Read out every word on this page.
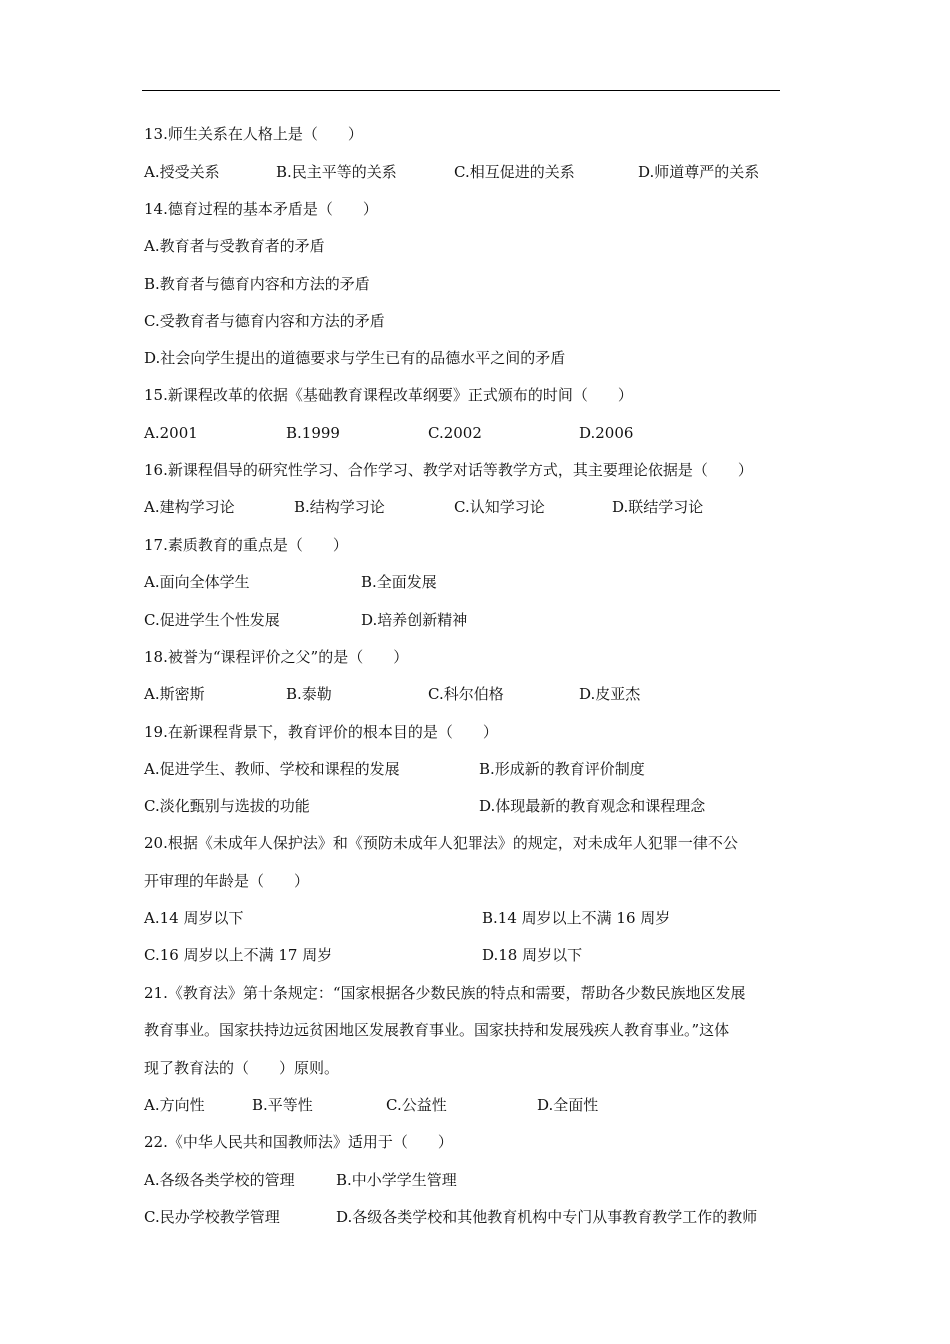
13.师生关系在人格上是（　　）
A.授受关系	B.民主平等的关系	C.相互促进的关系	D.师道尊严的关系
14.德育过程的基本矛盾是（　　）
A.教育者与受教育者的矛盾
B.教育者与德育内容和方法的矛盾
C.受教育者与德育内容和方法的矛盾
D.社会向学生提出的道德要求与学生已有的品德水平之间的矛盾
15.新课程改革的依据《基础教育课程改革纲要》正式颁布的时间（　　）
A.2001	B.1999	C.2002	D.2006
16.新课程倡导的研究性学习、合作学习、教学对话等教学方式，其主要理论依据是（　　）
A.建构学习论	B.结构学习论	C.认知学习论	D.联结学习论
17.素质教育的重点是（　　）
A.面向全体学生	B.全面发展
C.促进学生个性发展	D.培养创新精神
18.被誉为“课程评价之父”的是（　　）
A.斯密斯	B.泰勒	C.科尔伯格	D.皮亚杰
19.在新课程背景下，教育评价的根本目的是（　　）
A.促进学生、教师、学校和课程的发展	B.形成新的教育评价制度
C.淡化甄别与选拔的功能	D.体现最新的教育观念和课程理念
20.根据《未成年人保护法》和《预防未成年人犯罪法》的规定，对未成年人犯罪一律不公
开审理的年龄是（　　）
A.14 周岁以下	B.14 周岁以上不满 16 周岁
C.16 周岁以上不满 17 周岁	D.18 周岁以下
21.《教育法》第十条规定：“国家根据各少数民族的特点和需要，帮助各少数民族地区发展
教育事业。国家扶持边远贫困地区发展教育事业。国家扶持和发展残疾人教育事业。”这体
现了教育法的（　　）原则。
A.方向性	B.平等性	C.公益性	D.全面性
22.《中华人民共和国教师法》适用于（　　）
A.各级各类学校的管理	B.中小学学生管理
C.民办学校教学管理	D.各级各类学校和其他教育机构中专门从事教育教学工作的教师
